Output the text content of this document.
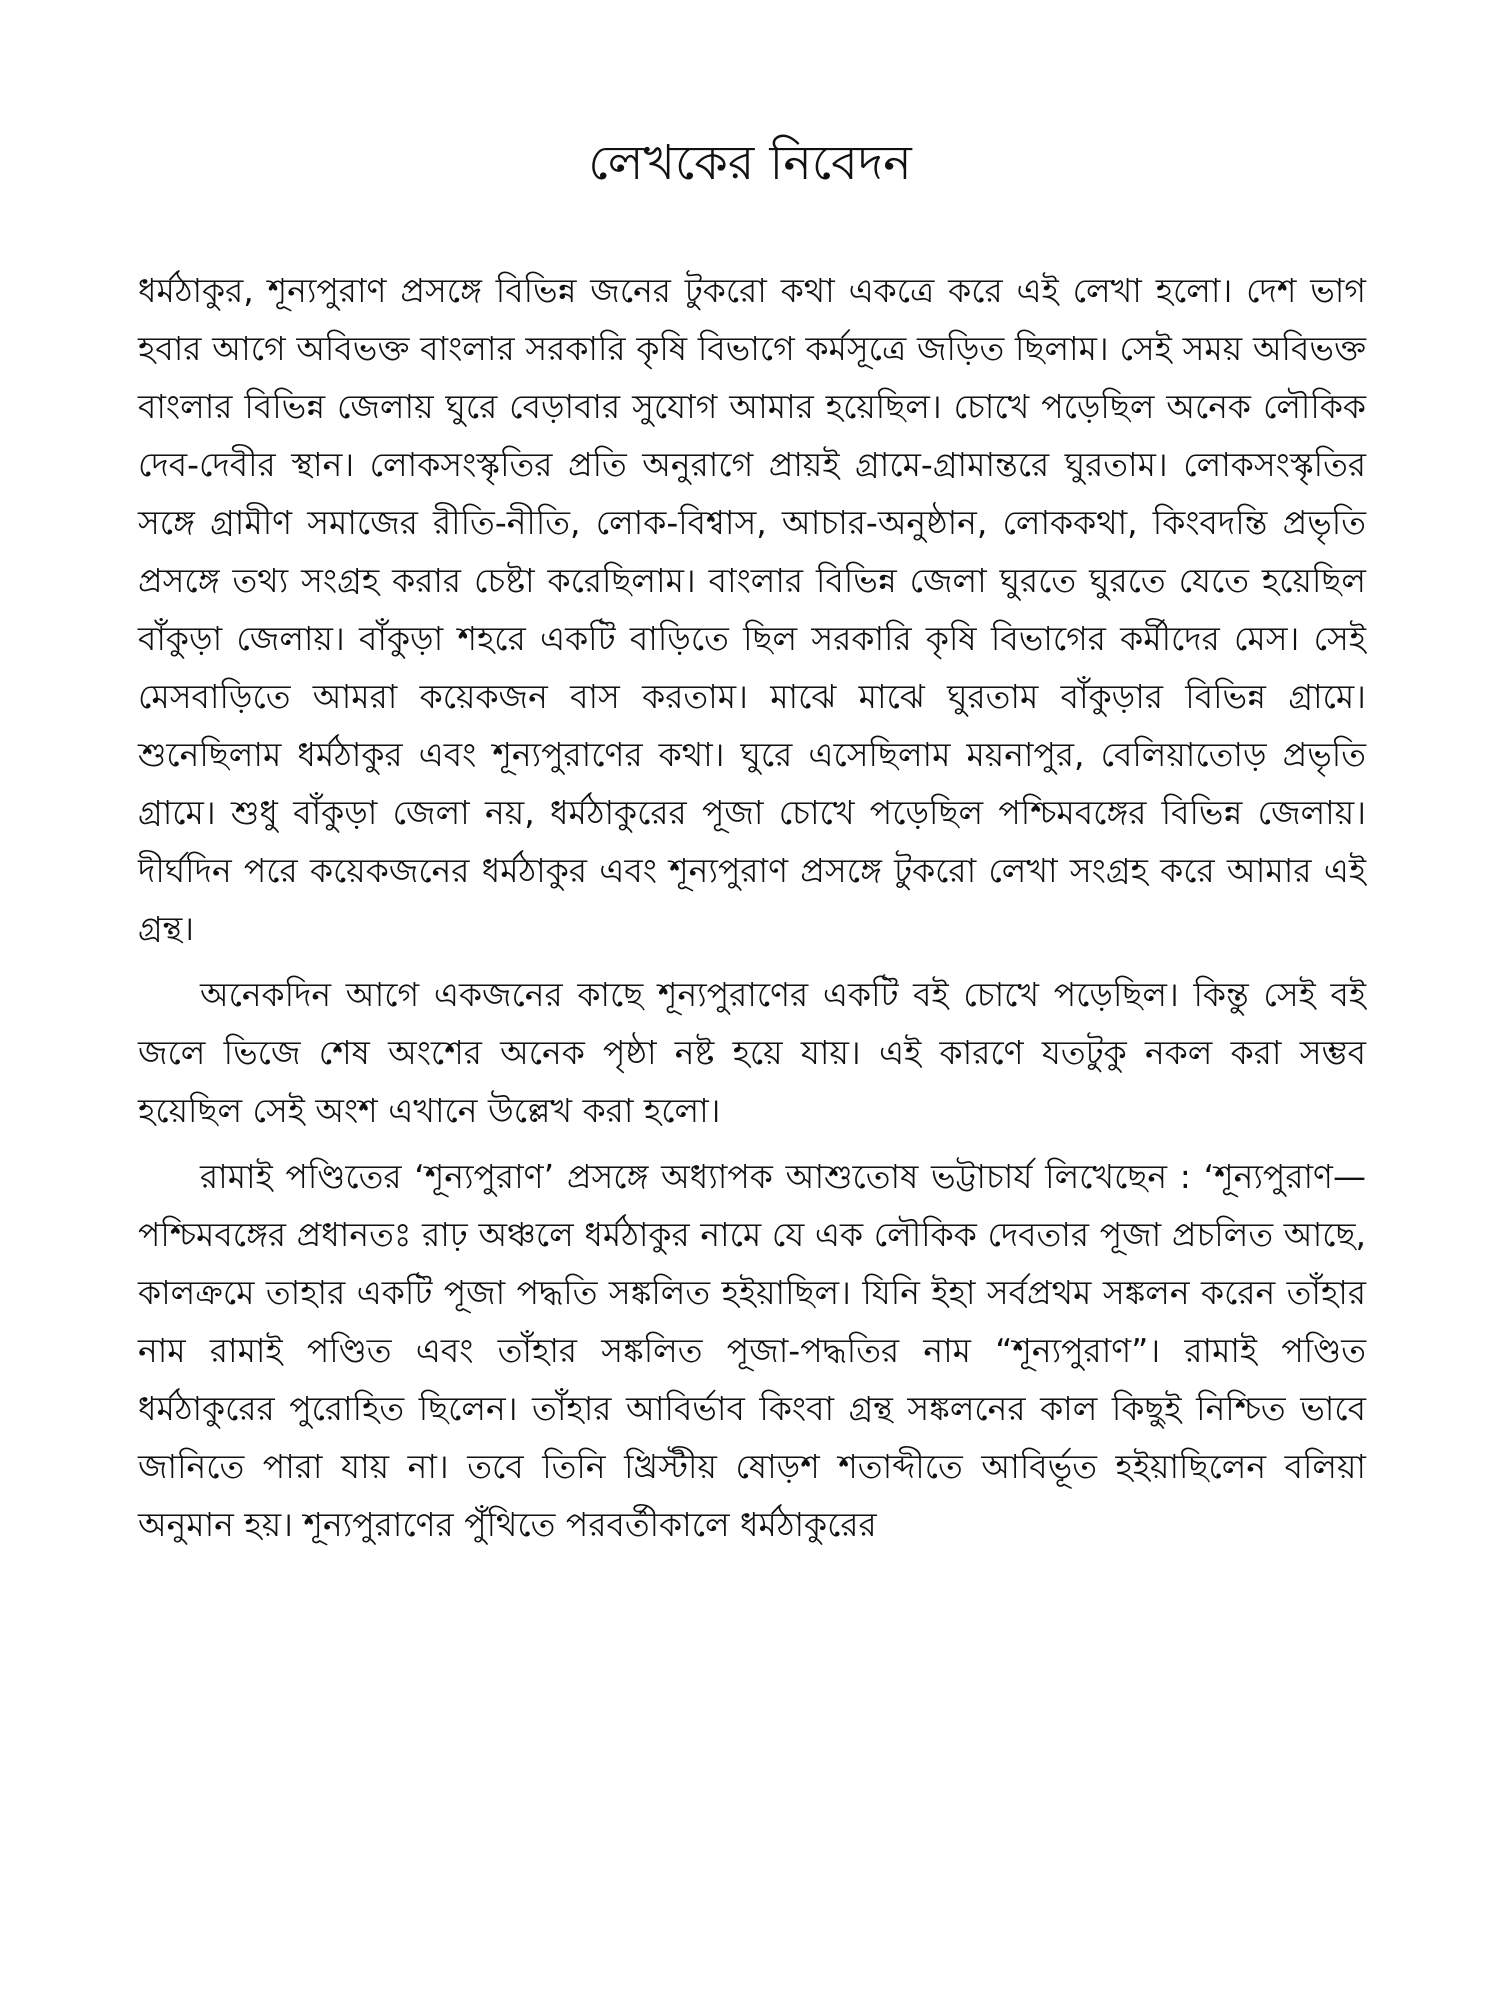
লেখকের নিবেদন

ধর্মঠাকুর, শূন্যপুরাণ প্রসঙ্গে বিভিন্ন জনের টুকরো কথা একত্রে করে এই লেখা হলো। দেশ ভাগ হবার আগে অবিভক্ত বাংলার সরকারি কৃষি বিভাগে কর্মসূত্রে জড়িত ছিলাম। সেই সময় অবিভক্ত বাংলার বিভিন্ন জেলায় ঘুরে বেড়াবার সুযোগ আমার হয়েছিল। চোখে পড়েছিল অনেক লৌকিক দেব-দেবীর স্থান। লোকসংস্কৃতির প্রতি অনুরাগে প্রায়ই গ্রামে-গ্রামান্তরে ঘুরতাম। লোকসংস্কৃতির সঙ্গে গ্রামীণ সমাজের রীতি-নীতি, লোক-বিশ্বাস, আচার-অনুষ্ঠান, লোককথা, কিংবদন্তি প্রভৃতি প্রসঙ্গে তথ্য সংগ্রহ করার চেষ্টা করেছিলাম। বাংলার বিভিন্ন জেলা ঘুরতে ঘুরতে যেতে হয়েছিল বাঁকুড়া জেলায়। বাঁকুড়া শহরে একটি বাড়িতে ছিল সরকারি কৃষি বিভাগের কর্মীদের মেস। সেই মেসবাড়িতে আমরা কয়েকজন বাস করতাম। মাঝে মাঝে ঘুরতাম বাঁকুড়ার বিভিন্ন গ্রামে। শুনেছিলাম ধর্মঠাকুর এবং শূন্যপুরাণের কথা। ঘুরে এসেছিলাম ময়নাপুর, বেলিয়াতোড় প্রভৃতি গ্রামে। শুধু বাঁকুড়া জেলা নয়, ধর্মঠাকুরের পূজা চোখে পড়েছিল পশ্চিমবঙ্গের বিভিন্ন জেলায়। দীর্ঘদিন পরে কয়েকজনের ধর্মঠাকুর এবং শূন্যপুরাণ প্রসঙ্গে টুকরো লেখা সংগ্রহ করে আমার এই গ্রন্থ।

অনেকদিন আগে একজনের কাছে শূন্যপুরাণের একটি বই চোখে পড়েছিল। কিন্তু সেই বই জলে ভিজে শেষ অংশের অনেক পৃষ্ঠা নষ্ট হয়ে যায়। এই কারণে যতটুকু নকল করা সম্ভব হয়েছিল সেই অংশ এখানে উল্লেখ করা হলো।

রামাই পণ্ডিতের ‘শূন্যপুরাণ’ প্রসঙ্গে অধ্যাপক আশুতোষ ভট্টাচার্য লিখেছেন : ‘শূন্যপুরাণ—পশ্চিমবঙ্গের প্রধানতঃ রাঢ় অঞ্চলে ধর্মঠাকুর নামে যে এক লৌকিক দেবতার পূজা প্রচলিত আছে, কালক্রমে তাহার একটি পূজা পদ্ধতি সঙ্কলিত হইয়াছিল। যিনি ইহা সর্বপ্রথম সঙ্কলন করেন তাঁহার নাম রামাই পণ্ডিত এবং তাঁহার সঙ্কলিত পূজা-পদ্ধতির নাম “শূন্যপুরাণ”। রামাই পণ্ডিত ধর্মঠাকুরের পুরোহিত ছিলেন। তাঁহার আবির্ভাব কিংবা গ্রন্থ সঙ্কলনের কাল কিছুই নিশ্চিত ভাবে জানিতে পারা যায় না। তবে তিনি খ্রিস্টীয় ষোড়শ শতাব্দীতে আবির্ভূত হইয়াছিলেন বলিয়া অনুমান হয়। শূন্যপুরাণের পুঁথিতে পরবর্তীকালে ধর্মঠাকুরের
